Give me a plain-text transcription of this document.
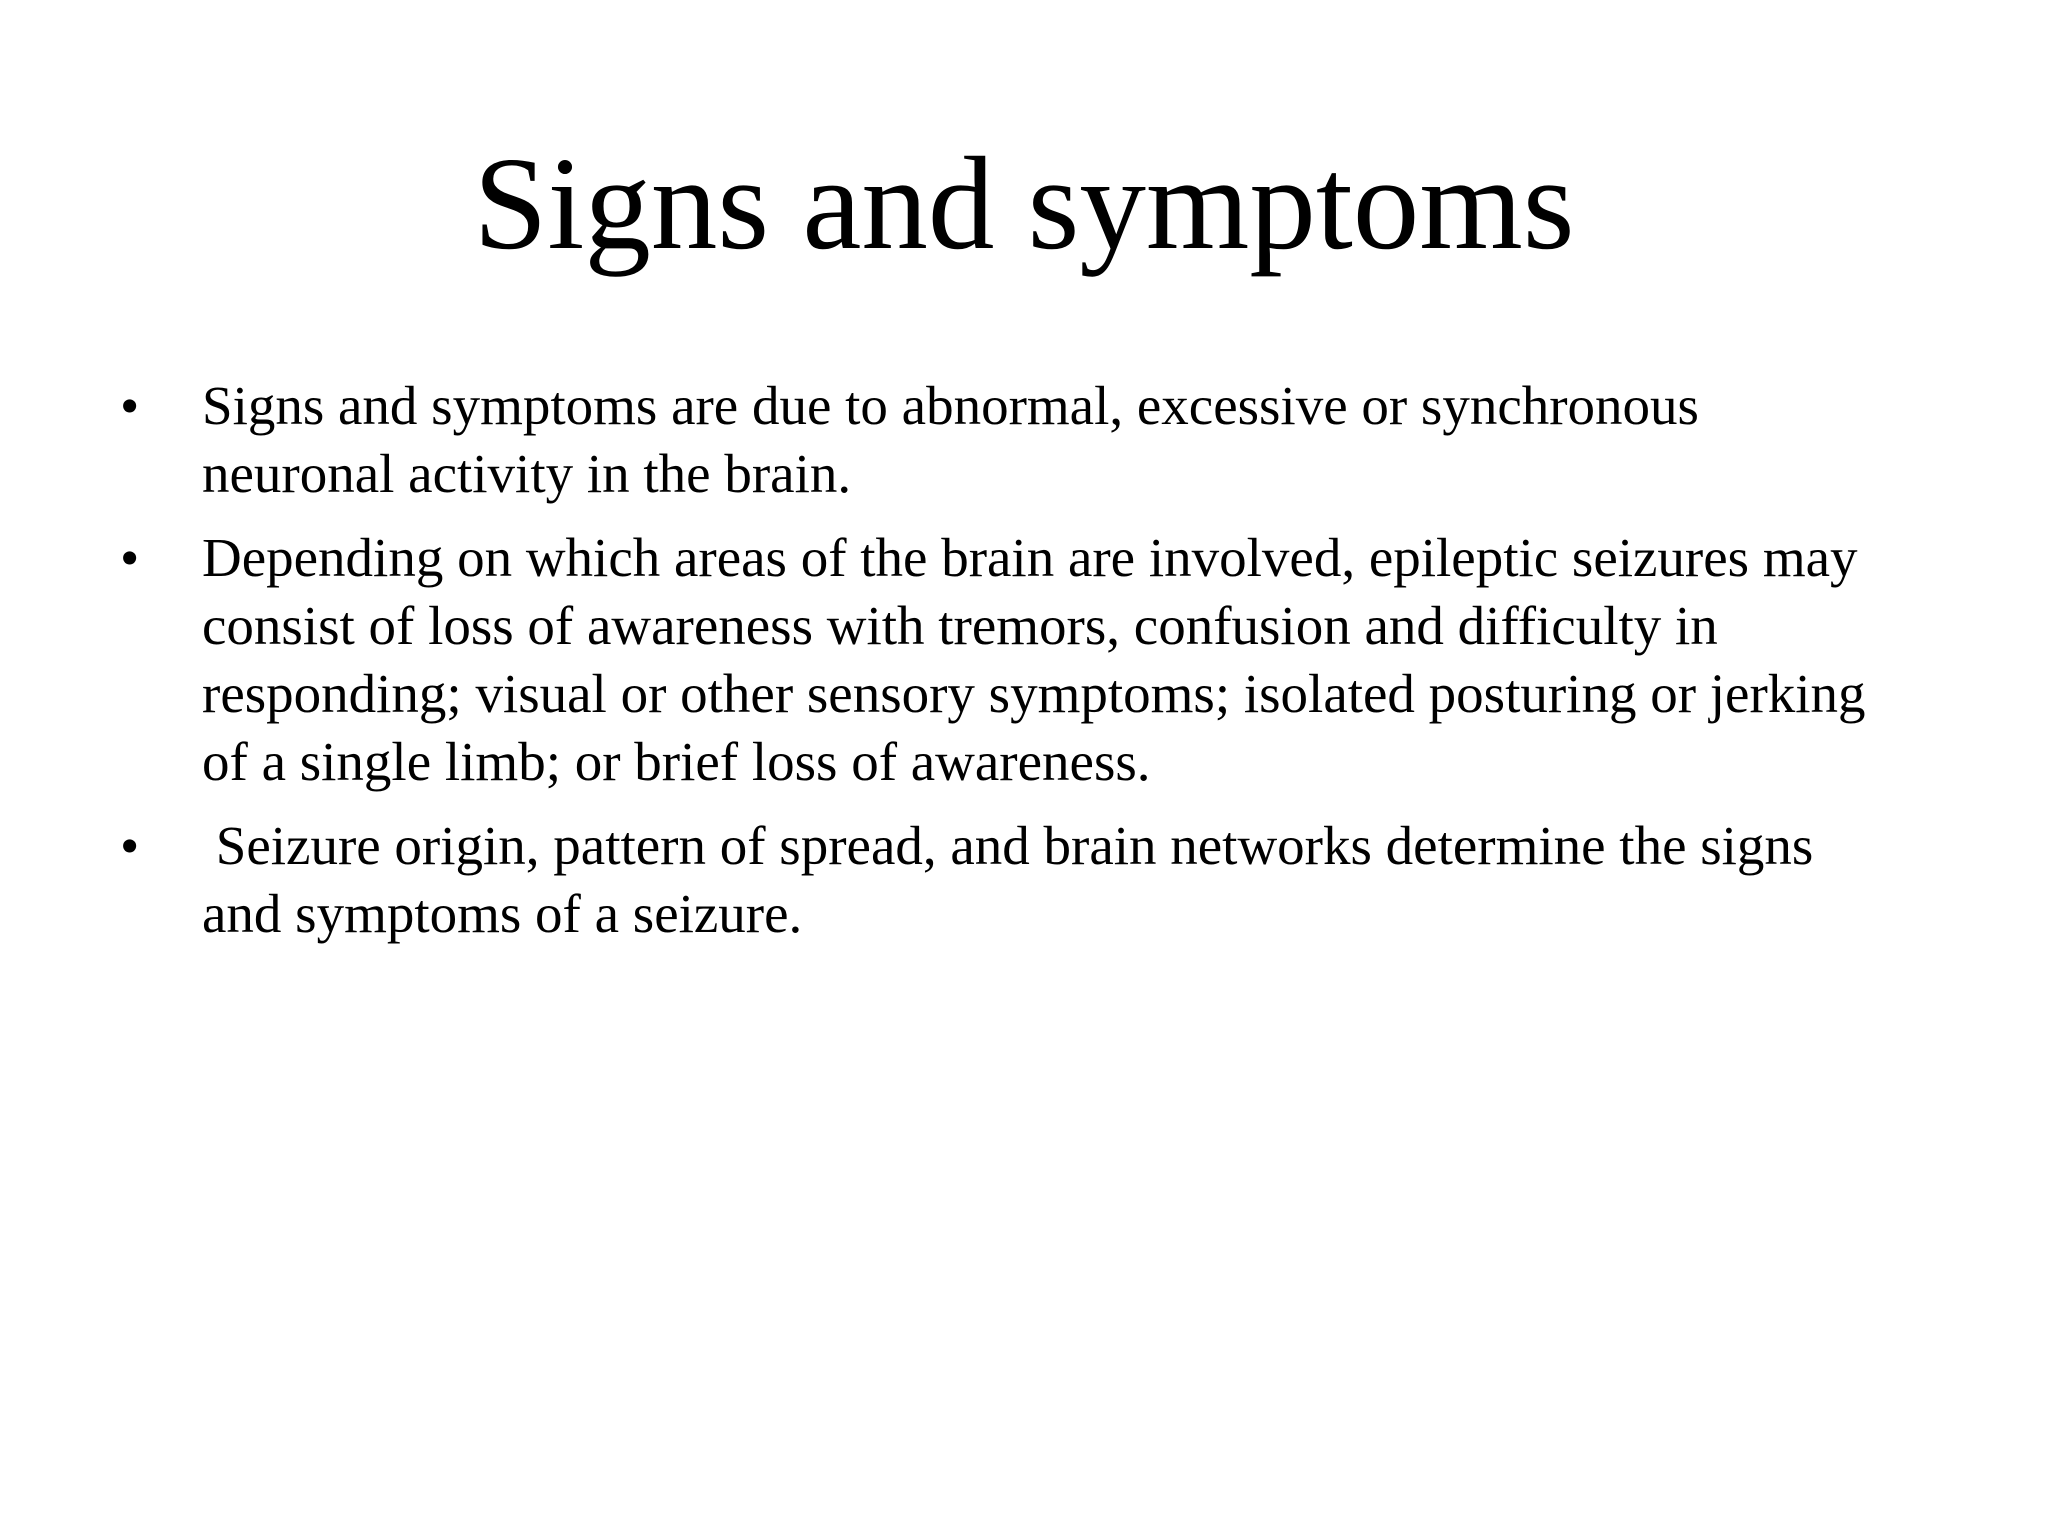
Signs and symptoms
• Signs and symptoms are due to abnormal, excessive or synchronous
neuronal activity in the brain.
• Depending on which areas of the brain are involved, epileptic seizures may
consist of loss of awareness with tremors, confusion and difficulty in
responding; visual or other sensory symptoms; isolated posturing or jerking
of a single limb; or brief loss of awareness.
• Seizure origin, pattern of spread, and brain networks determine the signs
and symptoms of a seizure.
